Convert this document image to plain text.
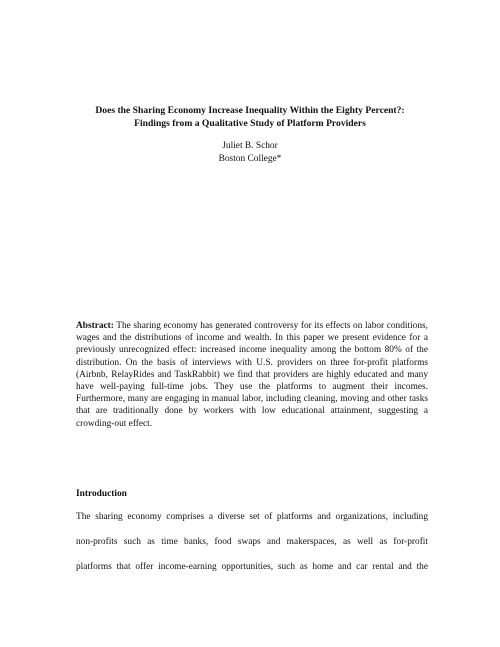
Does the Sharing Economy Increase Inequality Within the Eighty Percent?:
Findings from a Qualitative Study of Platform Providers
Juliet B. Schor
Boston College*
Abstract: The sharing economy has generated controversy for its effects on labor conditions, wages and the distributions of income and wealth. In this paper we present evidence for a previously unrecognized effect: increased income inequality among the bottom 80% of the distribution. On the basis of interviews with U.S. providers on three for-profit platforms (Airbnb, RelayRides and TaskRabbit) we find that providers are highly educated and many have well-paying full-time jobs. They use the platforms to augment their incomes. Furthermore, many are engaging in manual labor, including cleaning, moving and other tasks that are traditionally done by workers with low educational attainment, suggesting a crowding-out effect.
Introduction
The sharing economy comprises a diverse set of platforms and organizations, including
non-profits such as time banks, food swaps and makerspaces, as well as for-profit
platforms that offer income-earning opportunities, such as home and car rental and the
